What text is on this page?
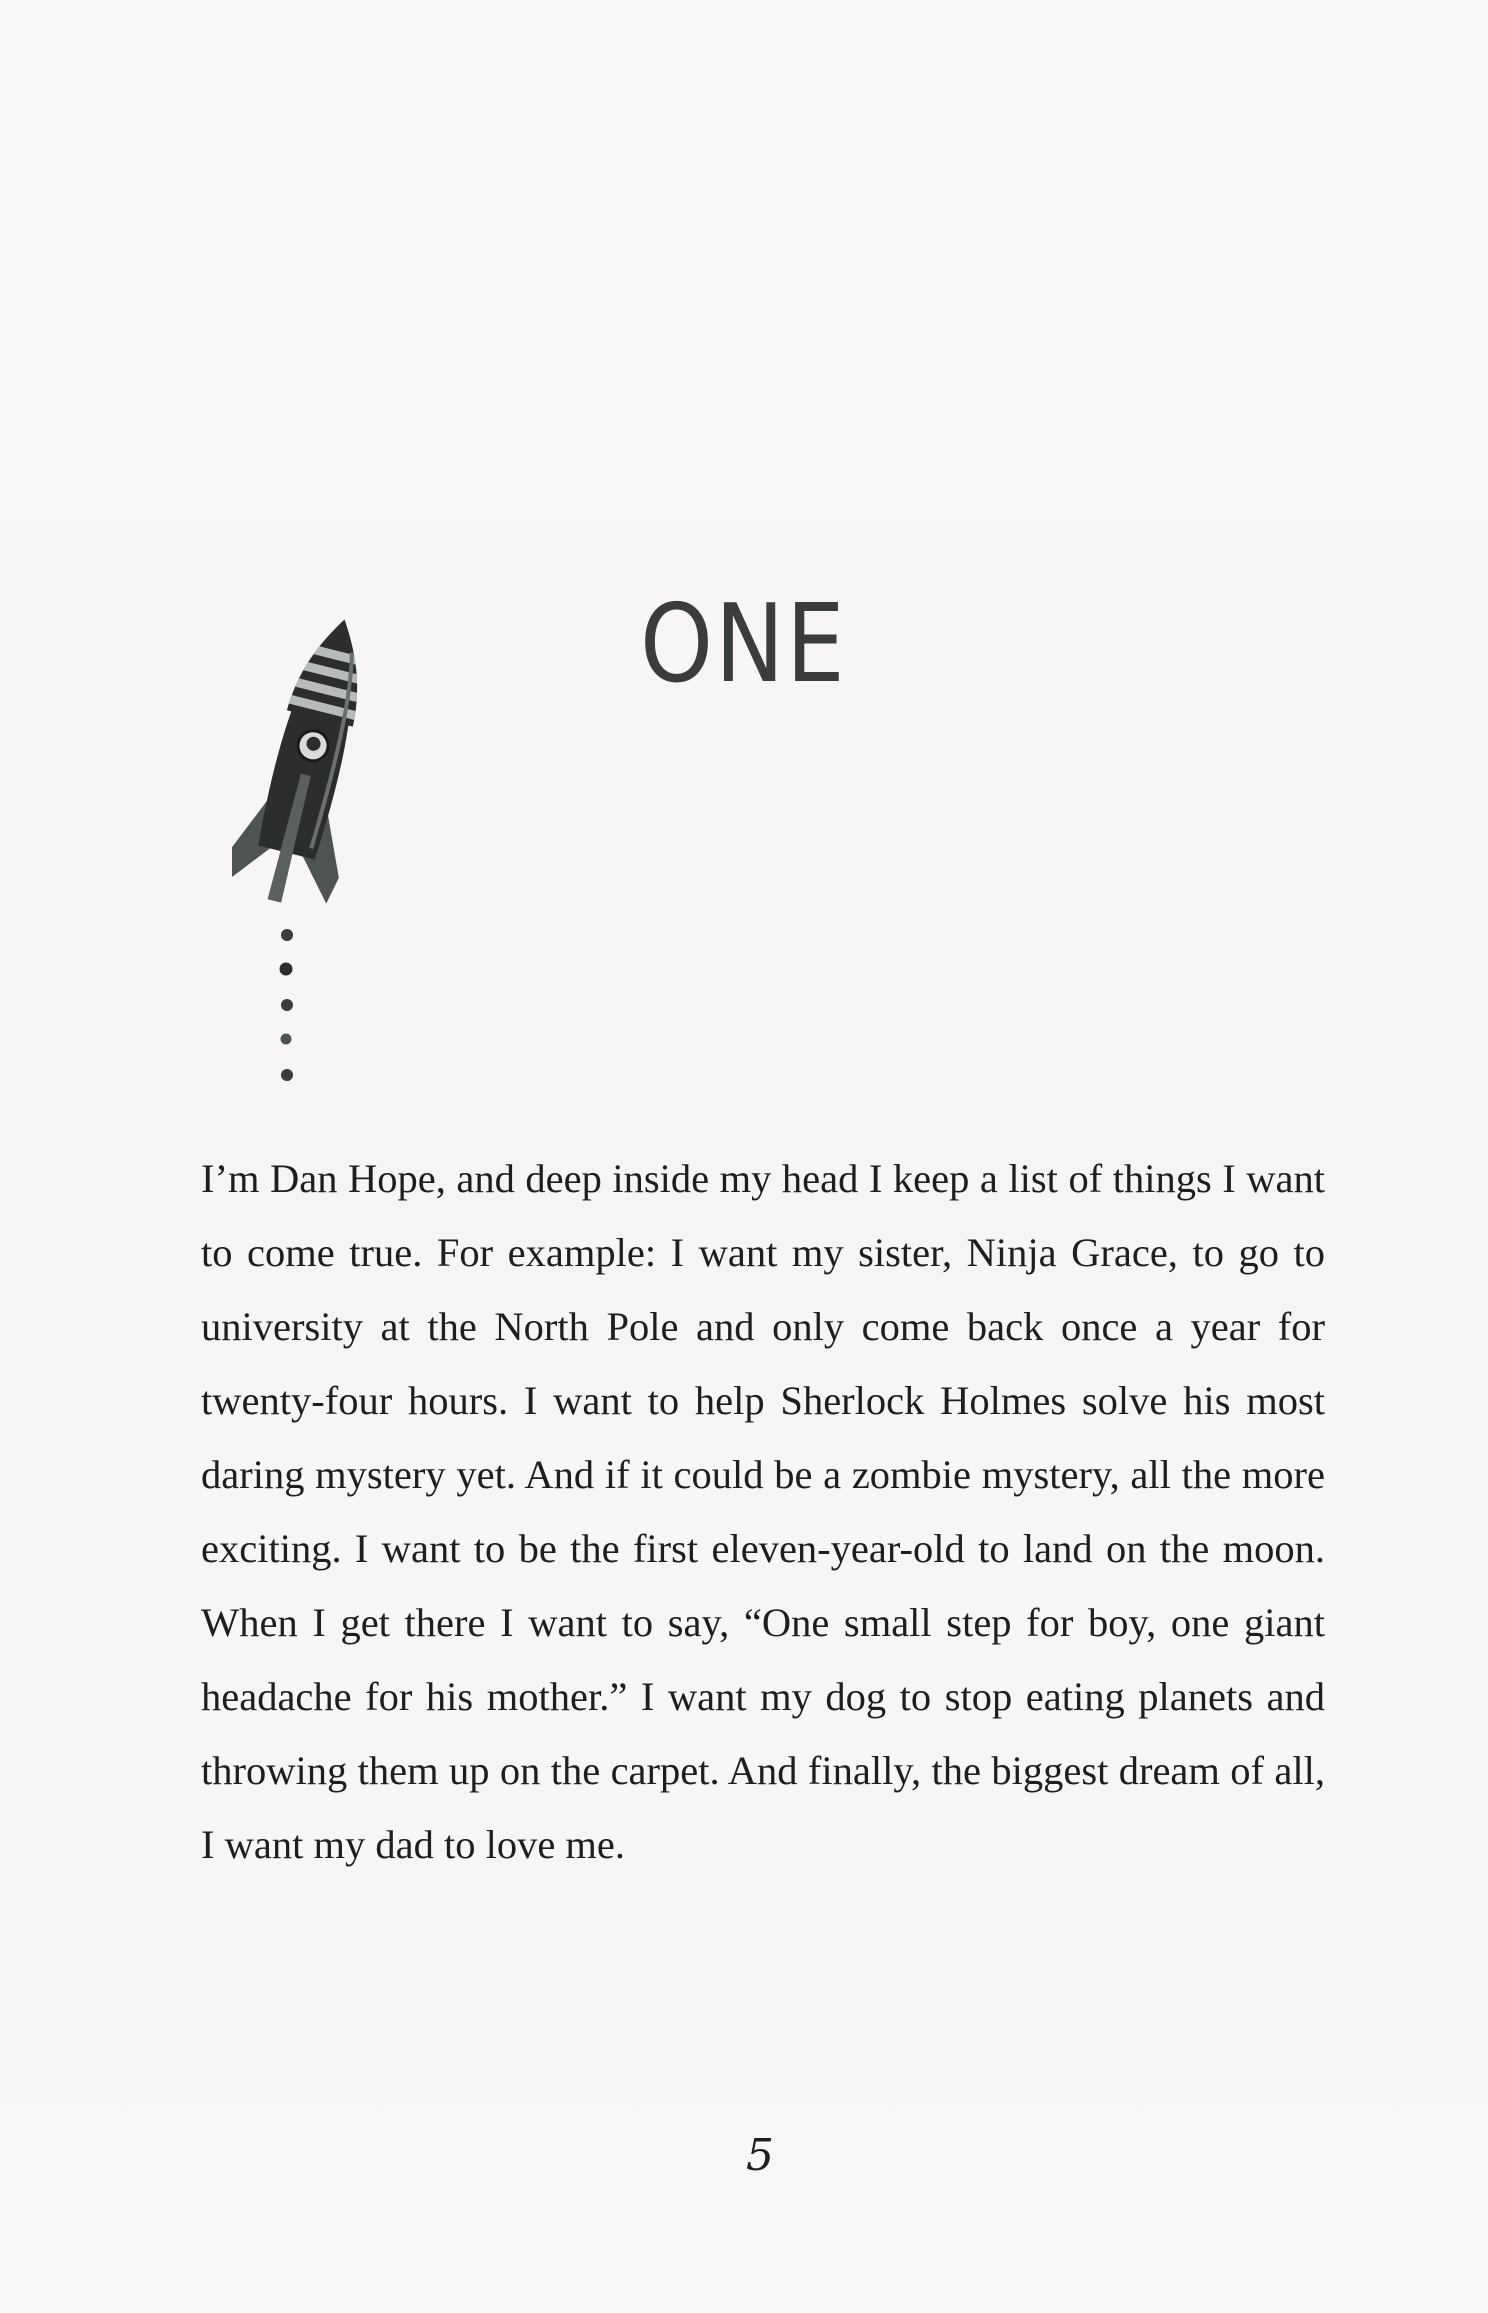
ONE

I’m Dan Hope, and deep inside my head I keep a list of things I want to come true. For example: I want my sister, Ninja Grace, to go to university at the North Pole and only come back once a year for twenty-four hours. I want to help Sherlock Holmes solve his most daring mystery yet. And if it could be a zombie mystery, all the more exciting. I want to be the first eleven-year-old to land on the moon. When I get there I want to say, “One small step for boy, one giant headache for his mother.” I want my dog to stop eating planets and throwing them up on the carpet. And finally, the biggest dream of all, I want my dad to love me.

5
